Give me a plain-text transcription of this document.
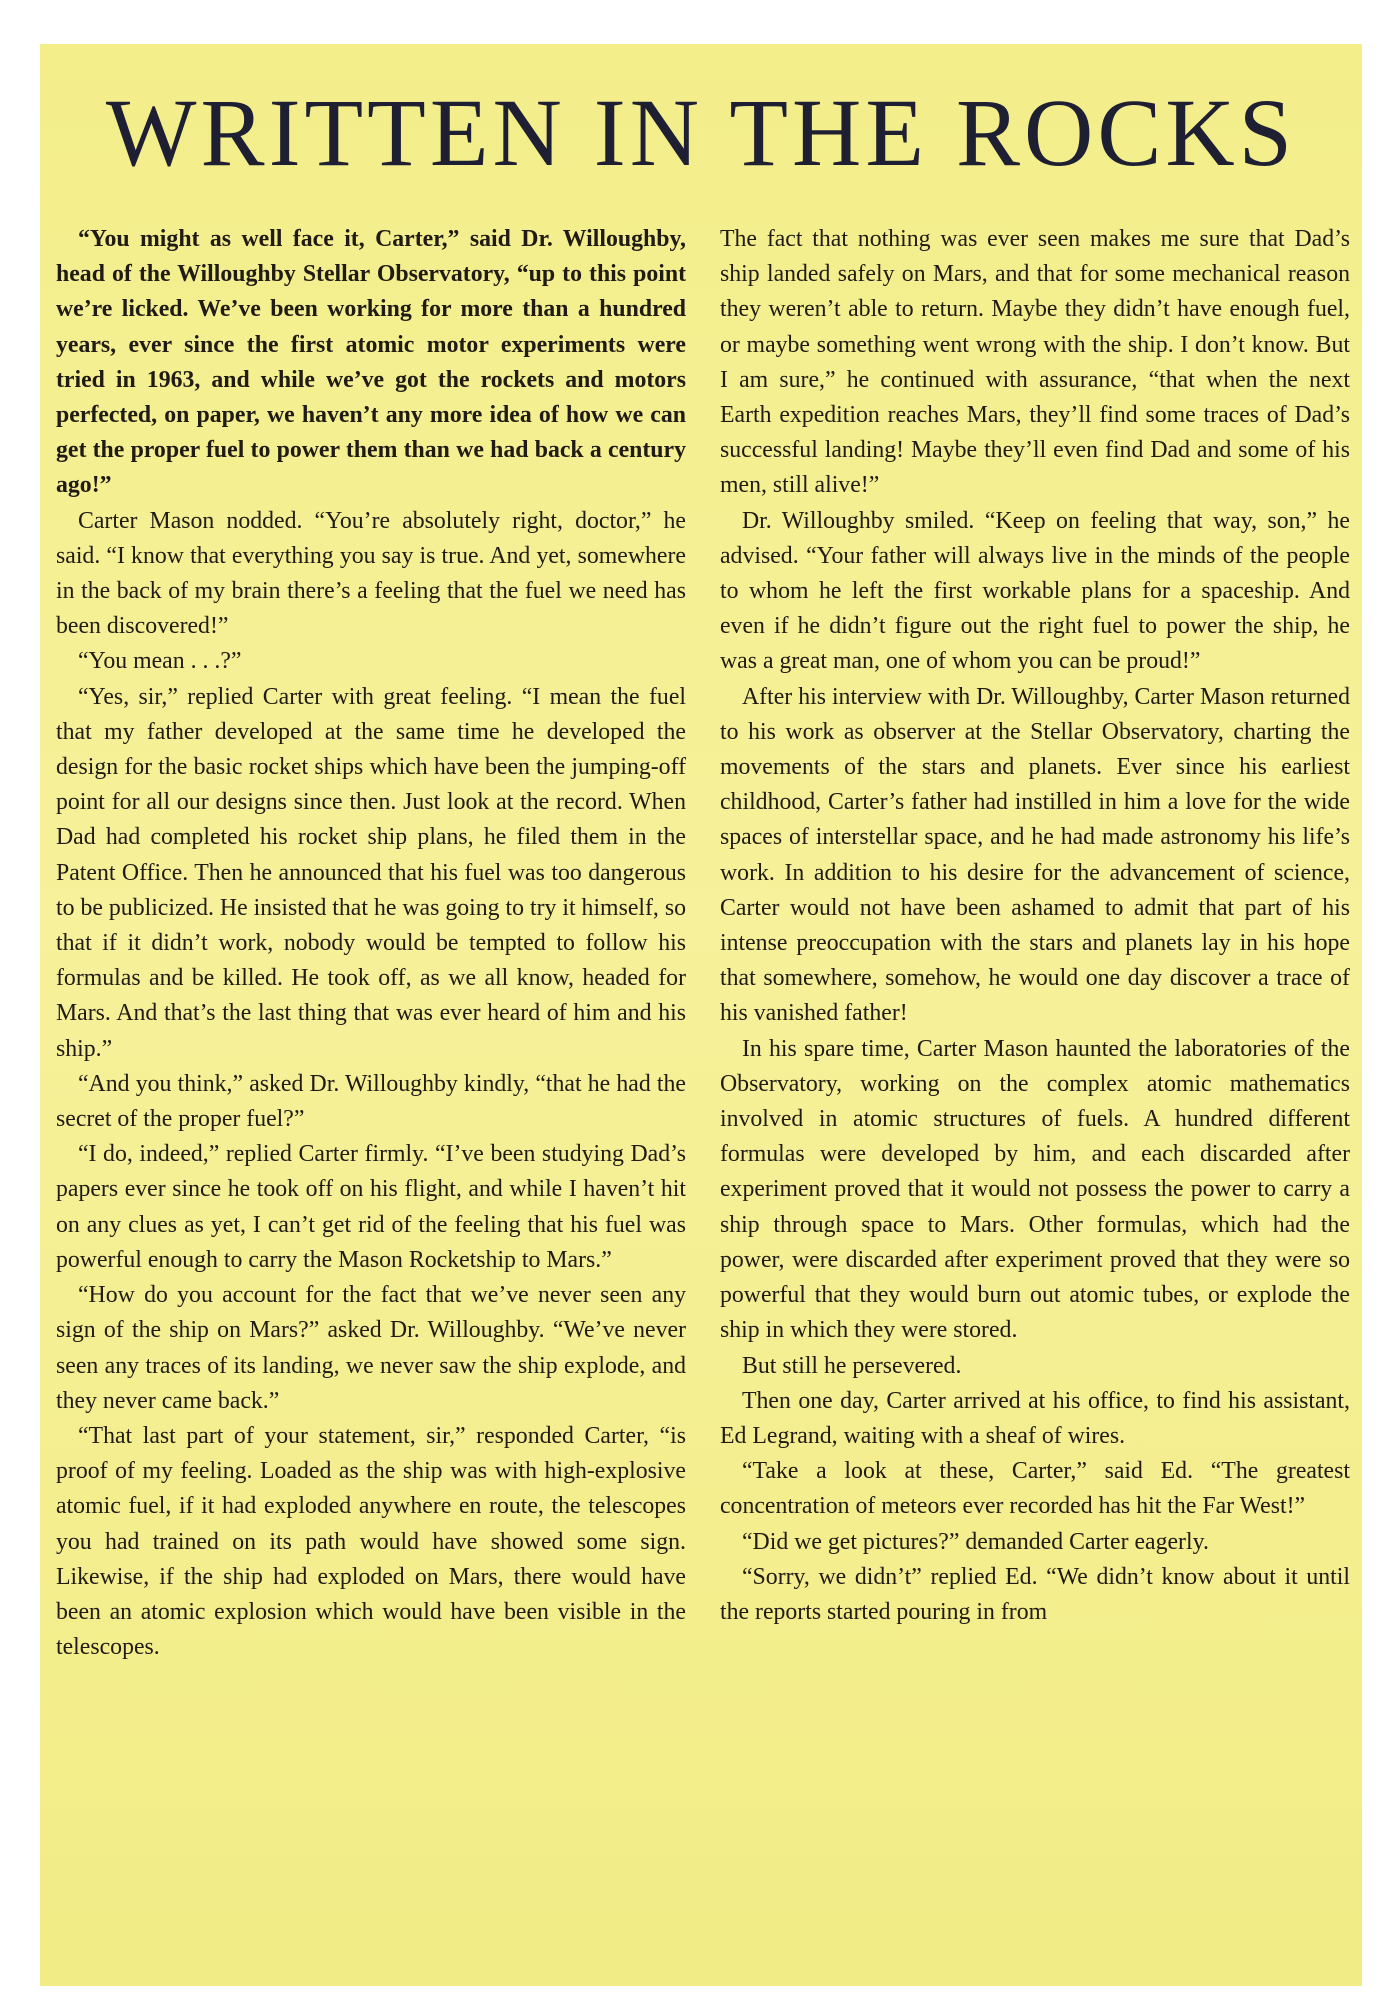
WRITTEN IN THE ROCKS

“You might as well face it, Carter,” said Dr. Willoughby, head of the Willoughby Stellar Observatory, “up to this point we’re licked. We’ve been working for more than a hundred years, ever since the first atomic motor experiments were tried in 1963, and while we’ve got the rockets and motors perfected, on paper, we haven’t any more idea of how we can get the proper fuel to power them than we had back a century ago!”

Carter Mason nodded. “You’re absolutely right, doctor,” he said. “I know that everything you say is true. And yet, somewhere in the back of my brain there’s a feeling that the fuel we need has been discovered!”

“You mean . . .?”

“Yes, sir,” replied Carter with great feeling. “I mean the fuel that my father developed at the same time he developed the design for the basic rocket ships which have been the jumping-off point for all our designs since then. Just look at the record. When Dad had completed his rocket ship plans, he filed them in the Patent Office. Then he announced that his fuel was too dangerous to be publicized. He insisted that he was going to try it himself, so that if it didn’t work, nobody would be tempted to follow his formulas and be killed. He took off, as we all know, headed for Mars. And that’s the last thing that was ever heard of him and his ship.”

“And you think,” asked Dr. Willoughby kindly, “that he had the secret of the proper fuel?”

“I do, indeed,” replied Carter firmly. “I’ve been studying Dad’s papers ever since he took off on his flight, and while I haven’t hit on any clues as yet, I can’t get rid of the feeling that his fuel was powerful enough to carry the Mason Rocketship to Mars.”

“How do you account for the fact that we’ve never seen any sign of the ship on Mars?” asked Dr. Willoughby. “We’ve never seen any traces of its landing, we never saw the ship explode, and they never came back.”

“That last part of your statement, sir,” responded Carter, “is proof of my feeling. Loaded as the ship was with high-explosive atomic fuel, if it had exploded anywhere en route, the telescopes you had trained on its path would have showed some sign. Likewise, if the ship had exploded on Mars, there would have been an atomic explosion which would have been visible in the telescopes.

The fact that nothing was ever seen makes me sure that Dad’s ship landed safely on Mars, and that for some mechanical reason they weren’t able to return. Maybe they didn’t have enough fuel, or maybe something went wrong with the ship. I don’t know. But I am sure,” he continued with assurance, “that when the next Earth expedition reaches Mars, they’ll find some traces of Dad’s successful landing! Maybe they’ll even find Dad and some of his men, still alive!”

Dr. Willoughby smiled. “Keep on feeling that way, son,” he advised. “Your father will always live in the minds of the people to whom he left the first workable plans for a spaceship. And even if he didn’t figure out the right fuel to power the ship, he was a great man, one of whom you can be proud!”

After his interview with Dr. Willoughby, Carter Mason returned to his work as observer at the Stellar Observatory, charting the movements of the stars and planets. Ever since his earliest childhood, Carter’s father had instilled in him a love for the wide spaces of interstellar space, and he had made astronomy his life’s work. In addition to his desire for the advancement of science, Carter would not have been ashamed to admit that part of his intense preoccupation with the stars and planets lay in his hope that somewhere, somehow, he would one day discover a trace of his vanished father!

In his spare time, Carter Mason haunted the laboratories of the Observatory, working on the complex atomic mathematics involved in atomic structures of fuels. A hundred different formulas were developed by him, and each discarded after experiment proved that it would not possess the power to carry a ship through space to Mars. Other formulas, which had the power, were discarded after experiment proved that they were so powerful that they would burn out atomic tubes, or explode the ship in which they were stored.

But still he persevered.

Then one day, Carter arrived at his office, to find his assistant, Ed Legrand, waiting with a sheaf of wires.

“Take a look at these, Carter,” said Ed. “The greatest concentration of meteors ever recorded has hit the Far West!”

“Did we get pictures?” demanded Carter eagerly.

“Sorry, we didn’t” replied Ed. “We didn’t know about it until the reports started pouring in from
